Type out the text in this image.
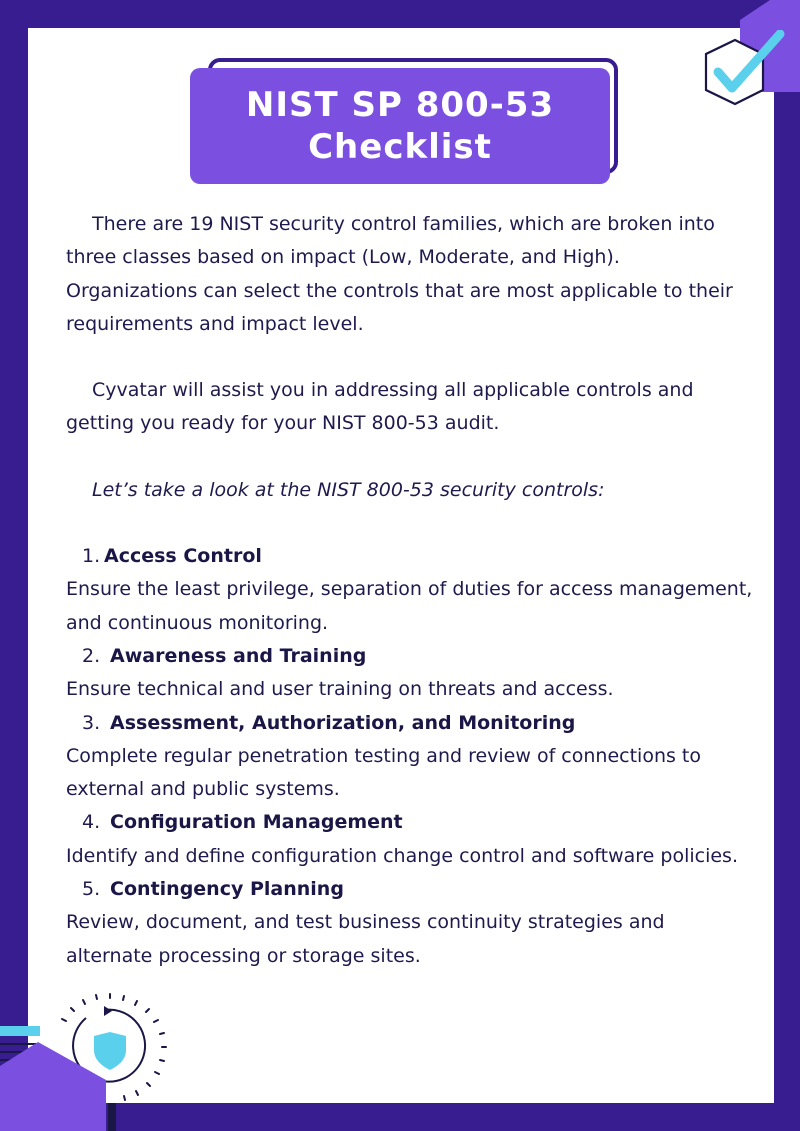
NIST SP 800-53
Checklist

There are 19 NIST security control families, which are broken into three classes based on impact (Low, Moderate, and High). Organizations can select the controls that are most applicable to their requirements and impact level.

Cyvatar will assist you in addressing all applicable controls and getting you ready for your NIST 800-53 audit.

Let’s take a look at the NIST 800-53 security controls:

1. Access Control

Ensure the least privilege, separation of duties for access management, and continuous monitoring.

2. Awareness and Training

Ensure technical and user training on threats and access.

3. Assessment, Authorization, and Monitoring

Complete regular penetration testing and review of connections to external and public systems.

4. Configuration Management

Identify and define configuration change control and software policies.

5. Contingency Planning

Review, document, and test business continuity strategies and alternate processing or storage sites.
